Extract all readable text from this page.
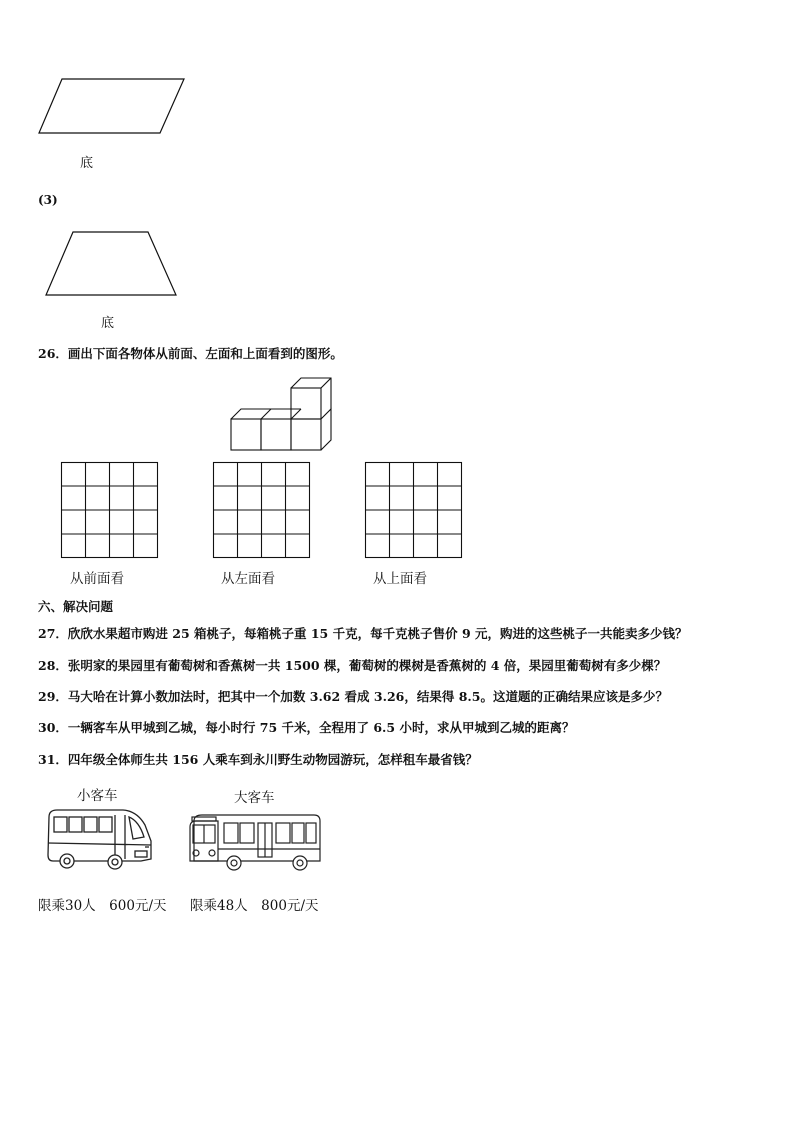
底
(3)
底
26．画出下面各物体从前面、左面和上面看到的图形。
从前面看	从左面看	从上面看
六、解决问题
27．欣欣水果超市购进 25 箱桃子，每箱桃子重 15 千克，每千克桃子售价 9 元，购进的这些桃子一共能卖多少钱？
28．张明家的果园里有葡萄树和香蕉树一共 1500 棵，葡萄树的棵树是香蕉树的 4 倍，果园里葡萄树有多少棵？
29．马大哈在计算小数加法时，把其中一个加数 3.62 看成 3.26，结果得 8.5。这道题的正确结果应该是多少？
30．一辆客车从甲城到乙城，每小时行 75 千米，全程用了 6.5 小时，求从甲城到乙城的距离？
31．四年级全体师生共 156 人乘车到永川野生动物园游玩，怎样租车最省钱？
小客车	大客车
限乘30人　600元/天 限乘48人　800元/天
